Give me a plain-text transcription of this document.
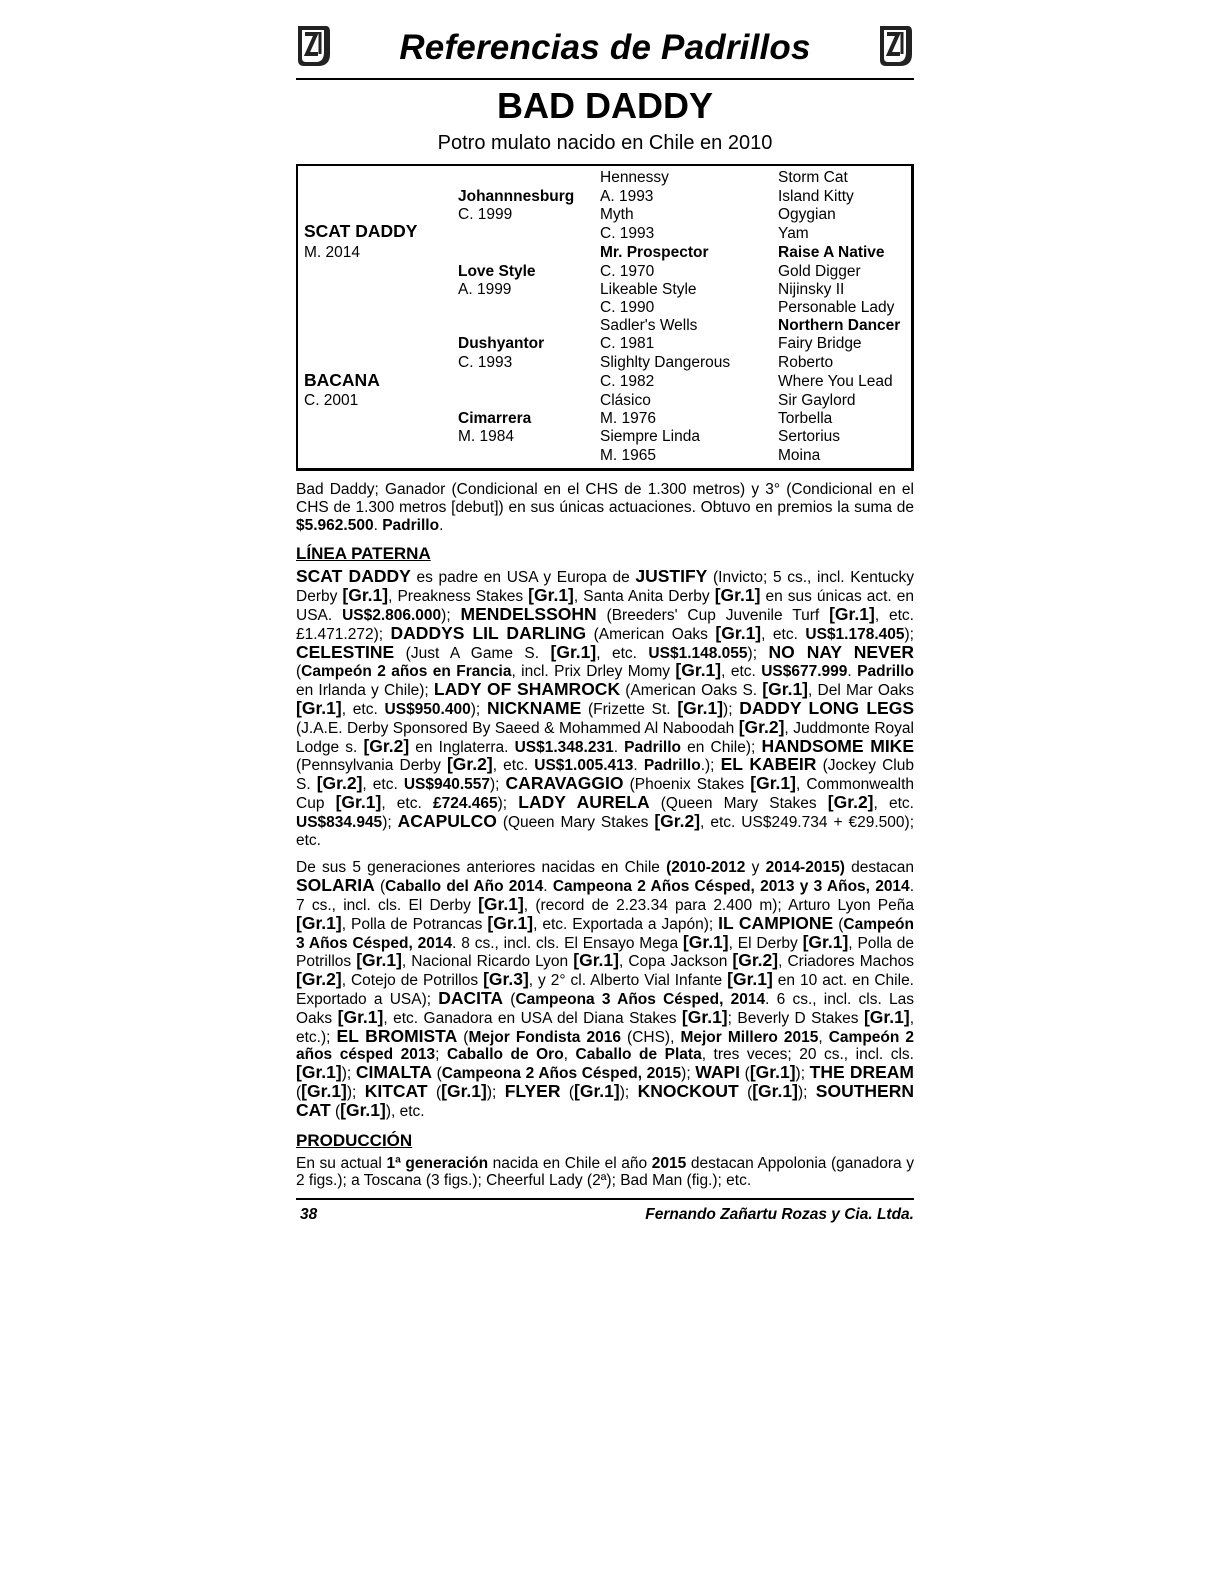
Referencias de Padrillos
BAD DADDY
Potro mulato nacido en Chile en 2010
SCAT DADDY
M. 2014
BACANA
C. 2001
Johannnesburg
C. 1999
Love Style
A. 1999
Dushyantor
C. 1993
Cimarrera
M. 1984
Hennessy
A. 1993
Myth
C. 1993
Mr. Prospector
C. 1970
Likeable Style
C. 1990
Sadler's Wells
C. 1981
Slighlty Dangerous
C. 1982
Clásico
M. 1976
Siempre Linda
M. 1965
Storm Cat
Island Kitty
Ogygian
Yam
Raise A Native
Gold Digger
Nijinsky II
Personable Lady
Northern Dancer
Fairy Bridge
Roberto
Where You Lead
Sir Gaylord
Torbella
Sertorius
Moina
Bad Daddy; Ganador (Condicional en el CHS de 1.300 metros) y 3° (Condicional en el CHS de 1.300 metros [debut]) en sus únicas actuaciones. Obtuvo en premios la suma de $5.962.500. Padrillo.
LÍNEA PATERNA
SCAT DADDY es padre en USA y Europa de JUSTIFY (Invicto; 5 cs., incl. Kentucky Derby [Gr.1], Preakness Stakes [Gr.1], Santa Anita Derby [Gr.1] en sus únicas act. en USA. US$2.806.000); MENDELSSOHN (Breeders' Cup Juvenile Turf [Gr.1], etc. £1.471.272); DADDYS LIL DARLING (American Oaks [Gr.1], etc. US$1.178.405); CELESTINE (Just A Game S. [Gr.1], etc. US$1.148.055); NO NAY NEVER (Campeón 2 años en Francia, incl. Prix Drley Momy [Gr.1], etc. US$677.999. Padrillo en Irlanda y Chile); LADY OF SHAMROCK (American Oaks S. [Gr.1], Del Mar Oaks [Gr.1], etc. US$950.400); NICKNAME (Frizette St. [Gr.1]); DADDY LONG LEGS (J.A.E. Derby Sponsored By Saeed & Mohammed Al Naboodah [Gr.2], Juddmonte Royal Lodge s. [Gr.2] en Inglaterra. US$1.348.231. Padrillo en Chile); HANDSOME MIKE (Pennsylvania Derby [Gr.2], etc. US$1.005.413. Padrillo.); EL KABEIR (Jockey Club S. [Gr.2], etc. US$940.557); CARAVAGGIO (Phoenix Stakes [Gr.1], Commonwealth Cup [Gr.1], etc. £724.465); LADY AURELA (Queen Mary Stakes [Gr.2], etc. US$834.945); ACAPULCO (Queen Mary Stakes [Gr.2], etc. US$249.734 + €29.500); etc.
De sus 5 generaciones anteriores nacidas en Chile (2010-2012 y 2014-2015) destacan SOLARIA (Caballo del Año 2014. Campeona 2 Años Césped, 2013 y 3 Años, 2014. 7 cs., incl. cls. El Derby [Gr.1], (record de 2.23.34 para 2.400 m); Arturo Lyon Peña [Gr.1], Polla de Potrancas [Gr.1], etc. Exportada a Japón); IL CAMPIONE (Campeón 3 Años Césped, 2014. 8 cs., incl. cls. El Ensayo Mega [Gr.1], El Derby [Gr.1], Polla de Potrillos [Gr.1], Nacional Ricardo Lyon [Gr.1], Copa Jackson [Gr.2], Criadores Machos [Gr.2], Cotejo de Potrillos [Gr.3], y 2° cl. Alberto Vial Infante [Gr.1] en 10 act. en Chile. Exportado a USA); DACITA (Campeona 3 Años Césped, 2014. 6 cs., incl. cls. Las Oaks [Gr.1], etc. Ganadora en USA del Diana Stakes [Gr.1]; Beverly D Stakes [Gr.1], etc.); EL BROMISTA (Mejor Fondista 2016 (CHS), Mejor Millero 2015, Campeón 2 años césped 2013; Caballo de Oro, Caballo de Plata, tres veces; 20 cs., incl. cls. [Gr.1]); CIMALTA (Campeona 2 Años Césped, 2015); WAPI ([Gr.1]); THE DREAM ([Gr.1]); KITCAT ([Gr.1]); FLYER ([Gr.1]); KNOCKOUT ([Gr.1]); SOUTHERN CAT ([Gr.1]), etc.
PRODUCCIÓN
En su actual 1ª generación nacida en Chile el año 2015 destacan Appolonia (ganadora y 2 figs.); a Toscana (3 figs.); Cheerful Lady (2ª); Bad Man (fig.); etc.
38	Fernando Zañartu Rozas y Cia. Ltda.
